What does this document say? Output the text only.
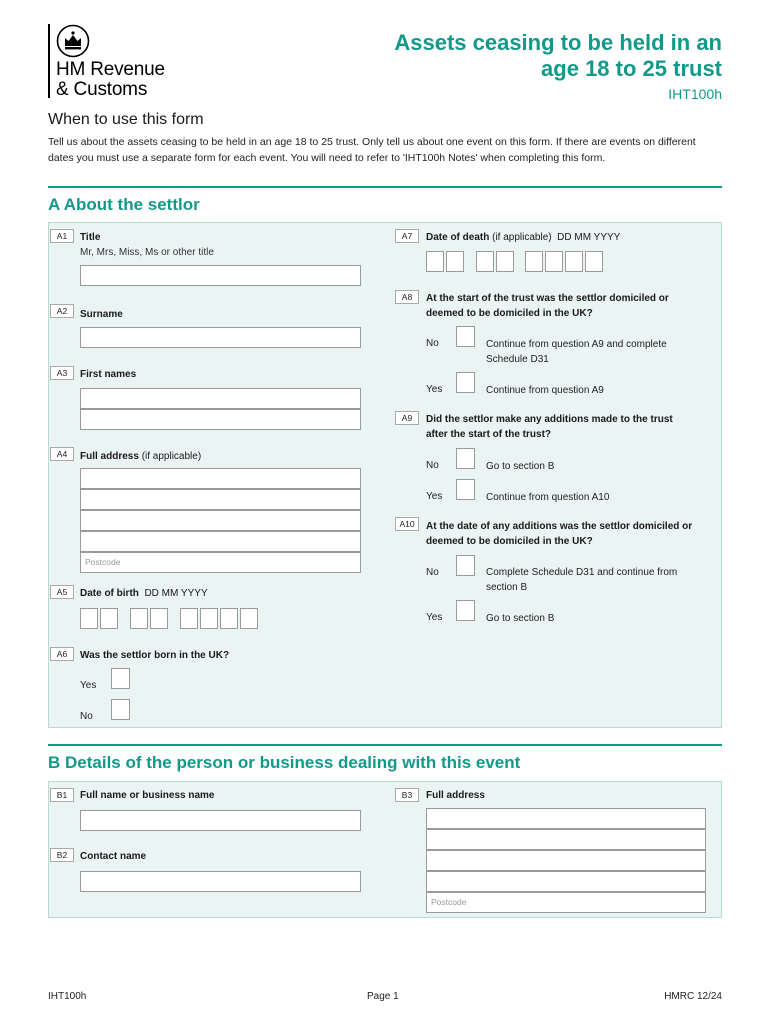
HM Revenue
& Customs
Assets ceasing to be held in an
age 18 to 25 trust
IHT100h
When to use this form
Tell us about the assets ceasing to be held in an age 18 to 25 trust. Only tell us about one event on this form. If there are events on different dates you must use a separate form for each event. You will need to refer to 'IHT100h Notes' when completing this form.
A About the settlor
A1	Title
Mr, Mrs, Miss, Ms or other title
A2	Surname
A3	First names
A4	Full address (if applicable)
Postcode
A5	Date of birth DD MM YYYY
A6	Was the settlor born in the UK?
Yes
No
A7	Date of death (if applicable) DD MM YYYY
A8	At the start of the trust was the settlor domiciled or
deemed to be domiciled in the UK?
No	Continue from question A9 and complete
Schedule D31
Yes	Continue from question A9
A9	Did the settlor make any additions made to the trust
after the start of the trust?
No	Go to section B
Yes	Continue from question A10
A10	At the date of any additions was the settlor domiciled or
deemed to be domiciled in the UK?
No	Complete Schedule D31 and continue from
section B
Yes	Go to section B
B Details of the person or business dealing with this event
B1	Full name or business name
B2	Contact name
B3	Full address
Postcode
IHT100h	Page 1	HMRC 12/24
